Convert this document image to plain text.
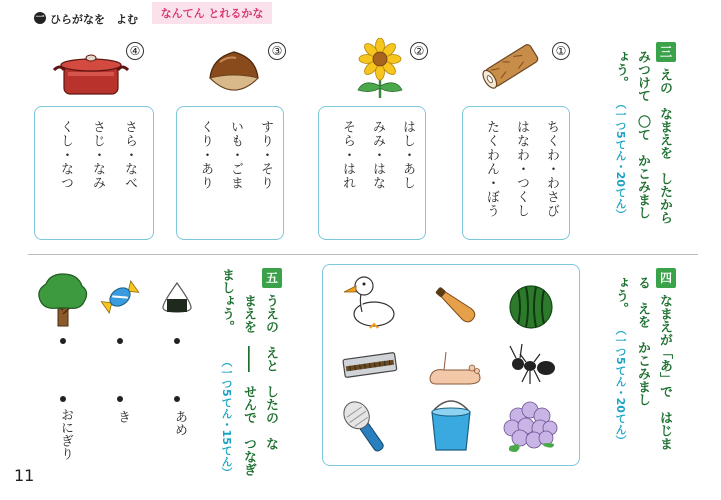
一 ひらがなを　よむ	なんてん とれるかな
三
えの　なまえを　したから
みつけて　〇て　かこみまし
ょう。
（一つ5てん・20てん）
①
ちくわ・わさび
はなわ・つくし
たくわん・ぼう
②
はし・あし
みみ・はな
そら・はれ
③
すり・そり
いも・ごま
くり・あり
④
さら・なべ
さじ・なみ
くし・なつ
四
なまえが「あ」で　はじま
る　えを　かこみまし
ょう。
（一つ5てん・20てん）
五
うえの　えと　したの　な
まえを　――　せんで　つなぎ
ましょう。
（一つ5てん・15てん）
あめ
き
おにぎり
11
